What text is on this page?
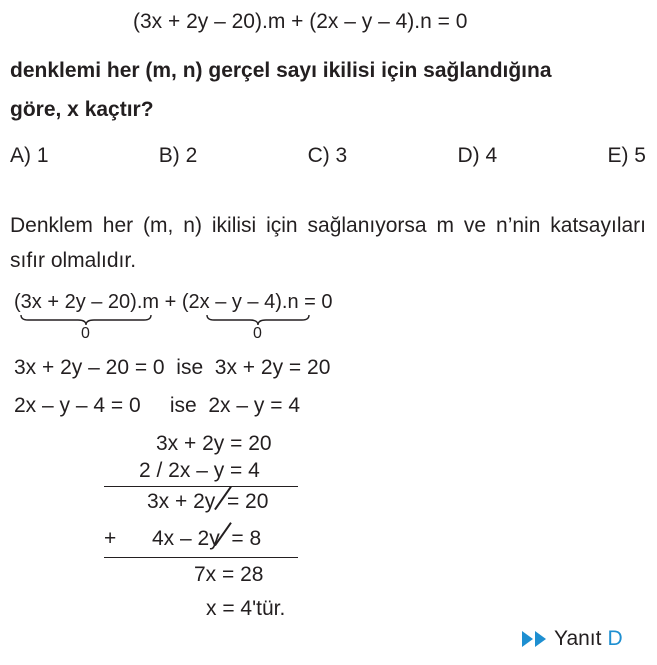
(3x + 2y – 20).m + (2x – y – 4).n = 0
denklemi her (m, n) gerçel sayı ikilisi için sağlandığına
göre, x kaçtır?
A) 1	B) 2	C) 3	D) 4	E) 5
Denklem her (m, n) ikilisi için sağlanıyorsa m ve n’nin katsayıları sıfır olmalıdır.
(3x + 2y – 20).m + (2x – y – 4).n = 0
0	0
3x + 2y – 20 = 0  ise  3x + 2y = 20
2x – y – 4 = 0     ise  2x – y = 4
3x + 2y = 20
2 / 2x – y = 4
3x + 2y  = 20
+ 4x – 2y  = 8
7x = 28
x = 4'tür.
Yanıt D
